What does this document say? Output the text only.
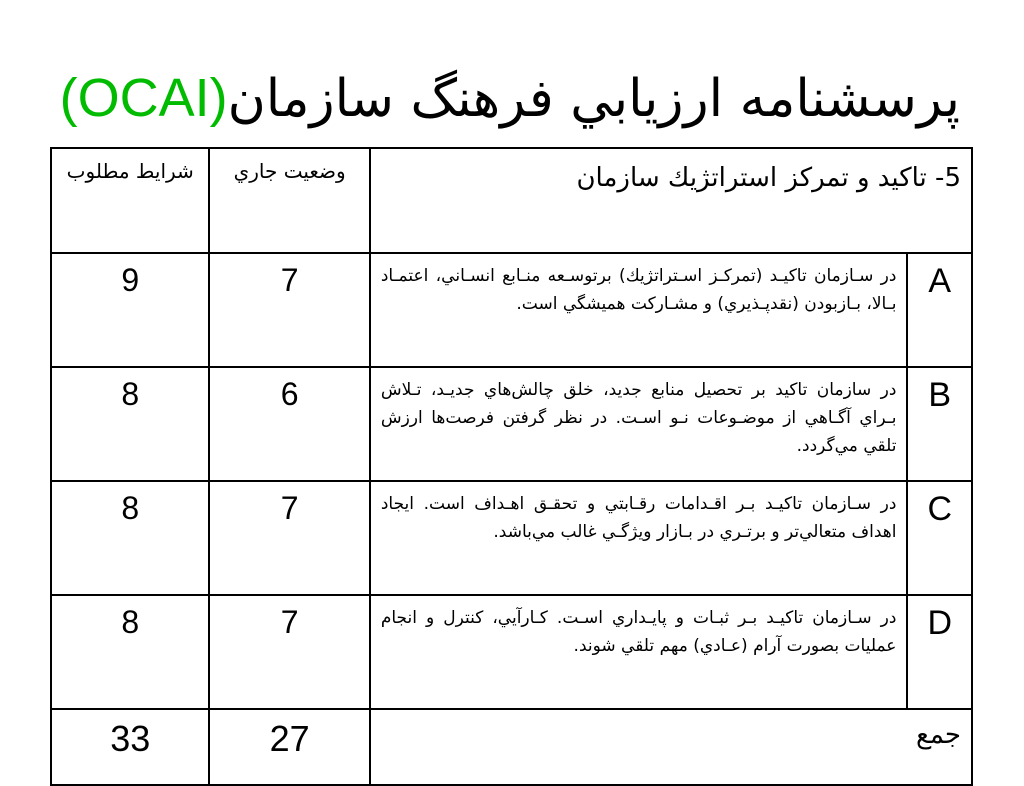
پرسشنامه ارزيابي فرهنگ سازمان(OCAI)
5- تاكيد و تمركز استراتژيك سازمان		وضعيت جاري	شرايط مطلوب
A	در سـازمان تاكيـد (تمركـز اسـتراتژيك) برتوسـعه منـابع انسـاني، اعتمـاد بـالا، بـازبودن (نقدپـذيري) و مشـاركت هميشگي است.	7	9
B	در سازمان تاكيد بر تحصيل منابع جديد، خلق چالش‌هاي جديـد، تـلاش بـراي آگـاهي از موضـوعات نـو اسـت. در نظر گرفتن فرصت‌ها ارزش تلقي مي‌گردد.	6	8
C	در سـازمان تاكيـد بـر اقـدامات رقـابتي و تحقـق اهـداف است. ايجاد اهداف متعالي‌تر و برتـري در بـازار ويژگـي غالب مي‌باشد.	7	8
D	در سـازمان تاكيـد بـر ثبـات و پايـداري اسـت. كـارآيي، كنترل و انجام عمليات بصورت آرام (عـادي) مهم تلقي شوند.	7	8
جمع		27	33
